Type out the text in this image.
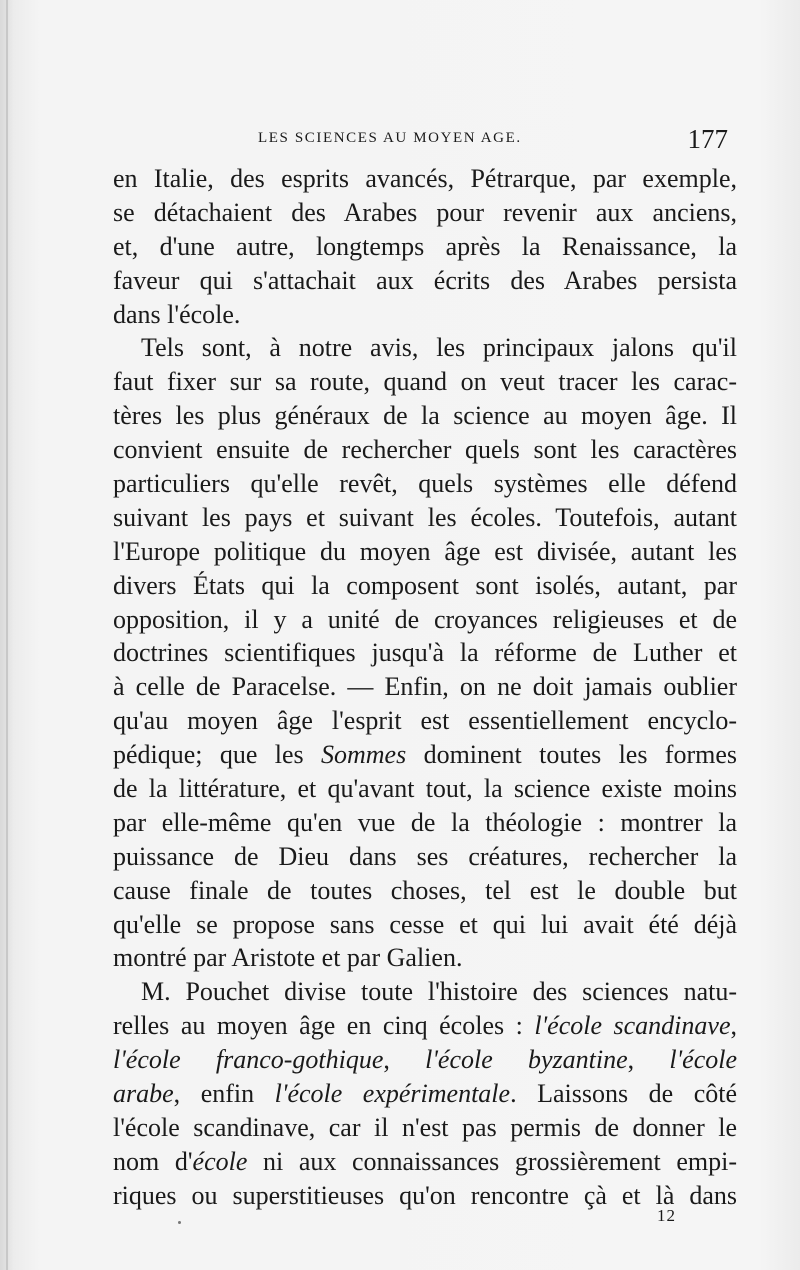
LES SCIENCES AU MOYEN AGE.	177
en Italie, des esprits avancés, Pétrarque, par exemple,
se détachaient des Arabes pour revenir aux anciens,
et, d'une autre, longtemps après la Renaissance, la
faveur qui s'attachait aux écrits des Arabes persista
dans l'école.
Tels sont, à notre avis, les principaux jalons qu'il
faut fixer sur sa route, quand on veut tracer les carac-
tères les plus généraux de la science au moyen âge. Il
convient ensuite de rechercher quels sont les caractères
particuliers qu'elle revêt, quels systèmes elle défend
suivant les pays et suivant les écoles. Toutefois, autant
l'Europe politique du moyen âge est divisée, autant les
divers États qui la composent sont isolés, autant, par
opposition, il y a unité de croyances religieuses et de
doctrines scientifiques jusqu'à la réforme de Luther et
à celle de Paracelse. — Enfin, on ne doit jamais oublier
qu'au moyen âge l'esprit est essentiellement encyclo-
pédique; que les Sommes dominent toutes les formes
de la littérature, et qu'avant tout, la science existe moins
par elle-même qu'en vue de la théologie : montrer la
puissance de Dieu dans ses créatures, rechercher la
cause finale de toutes choses, tel est le double but
qu'elle se propose sans cesse et qui lui avait été déjà
montré par Aristote et par Galien.
M. Pouchet divise toute l'histoire des sciences natu-
relles au moyen âge en cinq écoles : l'école scandinave,
l'école franco-gothique, l'école byzantine, l'école
arabe, enfin l'école expérimentale. Laissons de côté
l'école scandinave, car il n'est pas permis de donner le
nom d'école ni aux connaissances grossièrement empi-
riques ou superstitieuses qu'on rencontre çà et là dans
12
